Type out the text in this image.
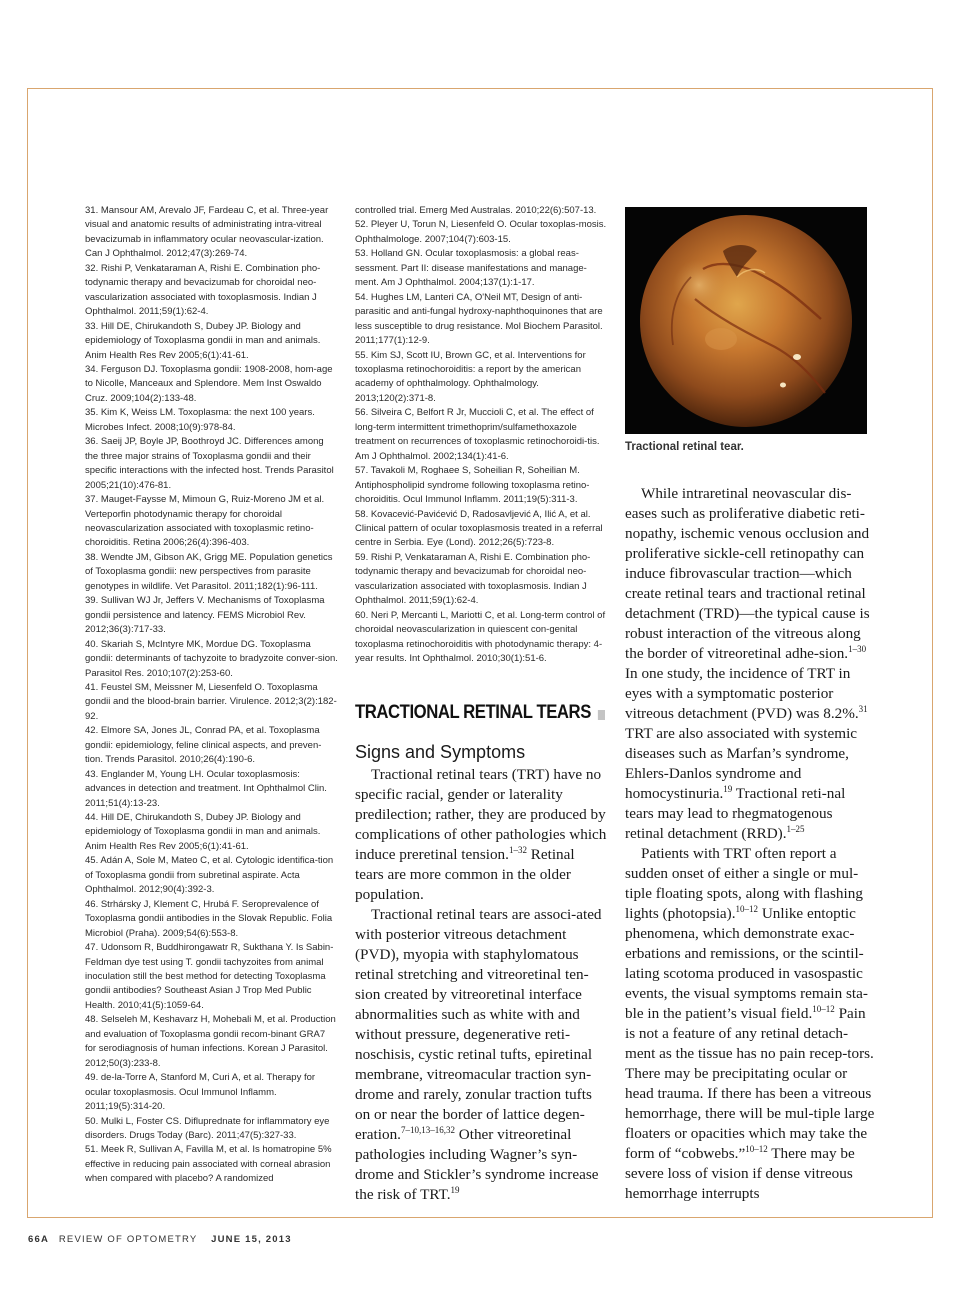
31. Mansour AM, Arevalo JF, Fardeau C, et al. Three-year visual and anatomic results of administrating intra-vitreal bevacizumab in inflammatory ocular neovascular-ization. Can J Ophthalmol. 2012;47(3):269-74.

32. Rishi P, Venkataraman A, Rishi E. Combination pho-todynamic therapy and bevacizumab for choroidal neo-vascularization associated with toxoplasmosis. Indian J Ophthalmol. 2011;59(1):62-4.

33. Hill DE, Chirukandoth S, Dubey JP. Biology and epidemiology of Toxoplasma gondii in man and animals. Anim Health Res Rev 2005;6(1):41-61.

34. Ferguson DJ. Toxoplasma gondii: 1908-2008, hom-age to Nicolle, Manceaux and Splendore. Mem Inst Oswaldo Cruz. 2009;104(2):133-48.

35. Kim K, Weiss LM. Toxoplasma: the next 100 years. Microbes Infect. 2008;10(9):978-84.

36. Saeij JP, Boyle JP, Boothroyd JC. Differences among the three major strains of Toxoplasma gondii and their specific interactions with the infected host. Trends Parasitol 2005;21(10):476-81.

37. Mauget-Faysse M, Mimoun G, Ruiz-Moreno JM et al. Verteporfin photodynamic therapy for choroidal neovascularization associated with toxoplasmic retino-choroiditis. Retina 2006;26(4):396-403.

38. Wendte JM, Gibson AK, Grigg ME. Population genetics of Toxoplasma gondii: new perspectives from parasite genotypes in wildlife. Vet Parasitol. 2011;182(1):96-111.

39. Sullivan WJ Jr, Jeffers V. Mechanisms of Toxoplasma gondii persistence and latency. FEMS Microbiol Rev. 2012;36(3):717-33.

40. Skariah S, McIntyre MK, Mordue DG. Toxoplasma gondii: determinants of tachyzoite to bradyzoite conver-sion. Parasitol Res. 2010;107(2):253-60.

41. Feustel SM, Meissner M, Liesenfeld O. Toxoplasma gondii and the blood-brain barrier. Virulence. 2012;3(2):182-92.

42. Elmore SA, Jones JL, Conrad PA, et al. Toxoplasma gondii: epidemiology, feline clinical aspects, and preven-tion. Trends Parasitol. 2010;26(4):190-6.

43. Englander M, Young LH. Ocular toxoplasmosis: advances in detection and treatment. Int Ophthalmol Clin. 2011;51(4):13-23.

44. Hill DE, Chirukandoth S, Dubey JP. Biology and epidemiology of Toxoplasma gondii in man and animals. Anim Health Res Rev 2005;6(1):41-61.

45. Adán A, Sole M, Mateo C, et al. Cytologic identifica-tion of Toxoplasma gondii from subretinal aspirate. Acta Ophthalmol. 2012;90(4):392-3.

46. Strhársky J, Klement C, Hrubá F. Seroprevalence of Toxoplasma gondii antibodies in the Slovak Republic. Folia Microbiol (Praha). 2009;54(6):553-8.

47. Udonsom R, Buddhirongawatr R, Sukthana Y. Is Sabin-Feldman dye test using T. gondii tachyzoites from animal inoculation still the best method for detecting Toxoplasma gondii antibodies? Southeast Asian J Trop Med Public Health. 2010;41(5):1059-64.

48. Selseleh M, Keshavarz H, Mohebali M, et al. Production and evaluation of Toxoplasma gondii recom-binant GRA7 for serodiagnosis of human infections. Korean J Parasitol. 2012;50(3):233-8.

49. de-la-Torre A, Stanford M, Curi A, et al. Therapy for ocular toxoplasmosis. Ocul Immunol Inflamm. 2011;19(5):314-20.

50. Mulki L, Foster CS. Difluprednate for inflammatory eye disorders. Drugs Today (Barc). 2011;47(5):327-33.

51. Meek R, Sullivan A, Favilla M, et al. Is homatropine 5% effective in reducing pain associated with corneal abrasion when compared with placebo? A randomized

controlled trial. Emerg Med Australas. 2010;22(6):507-13.

52. Pleyer U, Torun N, Liesenfeld O. Ocular toxoplas-mosis. Ophthalmologe. 2007;104(7):603-15.

53. Holland GN. Ocular toxoplasmosis: a global reas-sessment. Part II: disease manifestations and manage-ment. Am J Ophthalmol. 2004;137(1):1-17.

54. Hughes LM, Lanteri CA, O'Neil MT, Design of anti-parasitic and anti-fungal hydroxy-naphthoquinones that are less susceptible to drug resistance. Mol Biochem Parasitol. 2011;177(1):12-9.

55. Kim SJ, Scott IU, Brown GC, et al. Interventions for toxoplasma retinochoroiditis: a report by the american academy of ophthalmology. Ophthalmology. 2013;120(2):371-8.

56. Silveira C, Belfort R Jr, Muccioli C, et al. The effect of long-term intermittent trimethoprim/sulfamethoxazole treatment on recurrences of toxoplasmic retinochoroidi-tis. Am J Ophthalmol. 2002;134(1):41-6.

57. Tavakoli M, Roghaee S, Soheilian R, Soheilian M. Antiphospholipid syndrome following toxoplasma retino-choroiditis. Ocul Immunol Inflamm. 2011;19(5):311-3.

58. Kovacević-Pavićević D, Radosavljević A, Ilić A, et al. Clinical pattern of ocular toxoplasmosis treated in a referral centre in Serbia. Eye (Lond). 2012;26(5):723-8.

59. Rishi P, Venkataraman A, Rishi E. Combination pho-todynamic therapy and bevacizumab for choroidal neo-vascularization associated with toxoplasmosis. Indian J Ophthalmol. 2011;59(1):62-4.

60. Neri P, Mercanti L, Mariotti C, et al. Long-term control of choroidal neovascularization in quiescent con-genital toxoplasma retinochoroiditis with photodynamic therapy: 4-year results. Int Ophthalmol. 2010;30(1):51-6.

Tractional retinal tear.
TRACTIONAL RETINAL TEARS
Signs and Symptoms

Tractional retinal tears (TRT) have no specific racial, gender or laterality predilection; rather, they are produced by complications of other pathologies which induce preretinal tension.$^{1-32}$ Retinal tears are more common in the older population.

Tractional retinal tears are associ-ated with posterior vitreous detachment (PVD), myopia with staphylomatous retinal stretching and vitreoretinal ten-sion created by vitreoretinal interface abnormalities such as white with and without pressure, degenerative reti-noschisis, cystic retinal tufts, epiretinal membrane, vitreomacular traction syn-drome and rarely, zonular traction tufts on or near the border of lattice degen-eration.$^{7-10,13-16,32}$ Other vitreoretinal pathologies including Wagner’s syn-drome and Stickler’s syndrome increase the risk of TRT.$^{19}$

While intraretinal neovascular dis-eases such as proliferative diabetic reti-nopathy, ischemic venous occlusion and proliferative sickle-cell retinopathy can induce fibrovascular traction—which create retinal tears and tractional retinal detachment (TRD)—the typical cause is robust interaction of the vitreous along the border of vitreoretinal adhe-sion.$^{1-30}$ In one study, the incidence of TRT in eyes with a symptomatic posterior vitreous detachment (PVD) was 8.2%.$^{31}$ TRT are also associated with systemic diseases such as Marfan’s syndrome, Ehlers-Danlos syndrome and homocystinuria.$^{19}$ Tractional reti-nal tears may lead to rhegmatogenous retinal detachment (RRD).$^{1-25}$

Patients with TRT often report a sudden onset of either a single or mul-tiple floating spots, along with flashing lights (photopsia).$^{10-12}$ Unlike entoptic phenomena, which demonstrate exac-erbations and remissions, or the scintil-lating scotoma produced in vasospastic events, the visual symptoms remain sta-ble in the patient’s visual field.$^{10-12}$ Pain is not a feature of any retinal detach-ment as the tissue has no pain recep-tors. There may be precipitating ocular or head trauma. If there has been a vitreous hemorrhage, there will be mul-tiple large floaters or opacities which may take the form of “cobwebs.”$^{10-12}$ There may be severe loss of vision if dense vitreous hemorrhage interrupts

66A REVIEW OF OPTOMETRY JUNE 15, 2013
